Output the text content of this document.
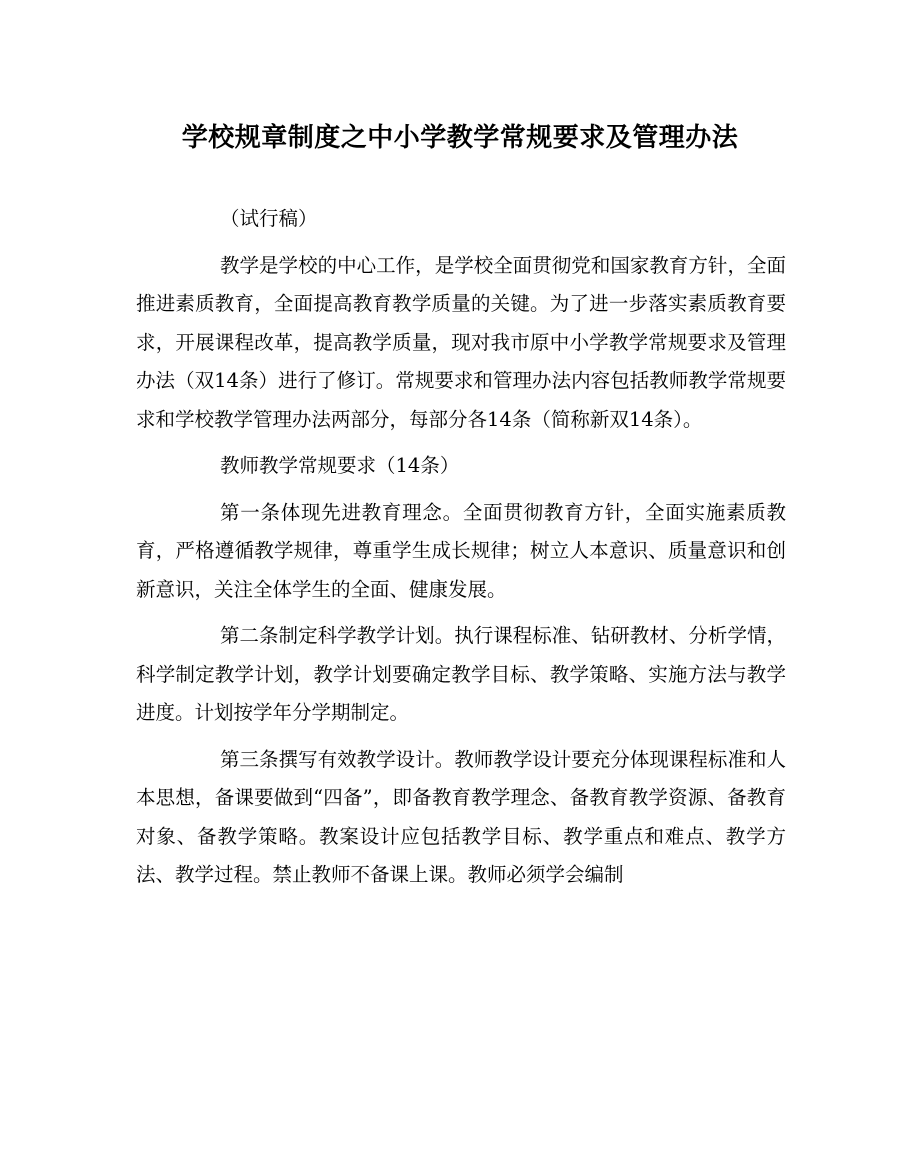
学校规章制度之中小学教学常规要求及管理办法

（试行稿）

教学是学校的中心工作，是学校全面贯彻党和国家教育方针，全面推进素质教育，全面提高教育教学质量的关键。为了进一步落实素质教育要求，开展课程改革，提高教学质量，现对我市原中小学教学常规要求及管理办法（双14条）进行了修订。常规要求和管理办法内容包括教师教学常规要求和学校教学管理办法两部分，每部分各14条（简称新双14条）。

教师教学常规要求（14条）

第一条体现先进教育理念。全面贯彻教育方针，全面实施素质教育，严格遵循教学规律，尊重学生成长规律；树立人本意识、质量意识和创新意识，关注全体学生的全面、健康发展。

第二条制定科学教学计划。执行课程标准、钻研教材、分析学情，科学制定教学计划，教学计划要确定教学目标、教学策略、实施方法与教学进度。计划按学年分学期制定。

第三条撰写有效教学设计。教师教学设计要充分体现课程标准和人本思想，备课要做到“四备”，即备教育教学理念、备教育教学资源、备教育对象、备教学策略。教案设计应包括教学目标、教学重点和难点、教学方法、教学过程。禁止教师不备课上课。教师必须学会编制
